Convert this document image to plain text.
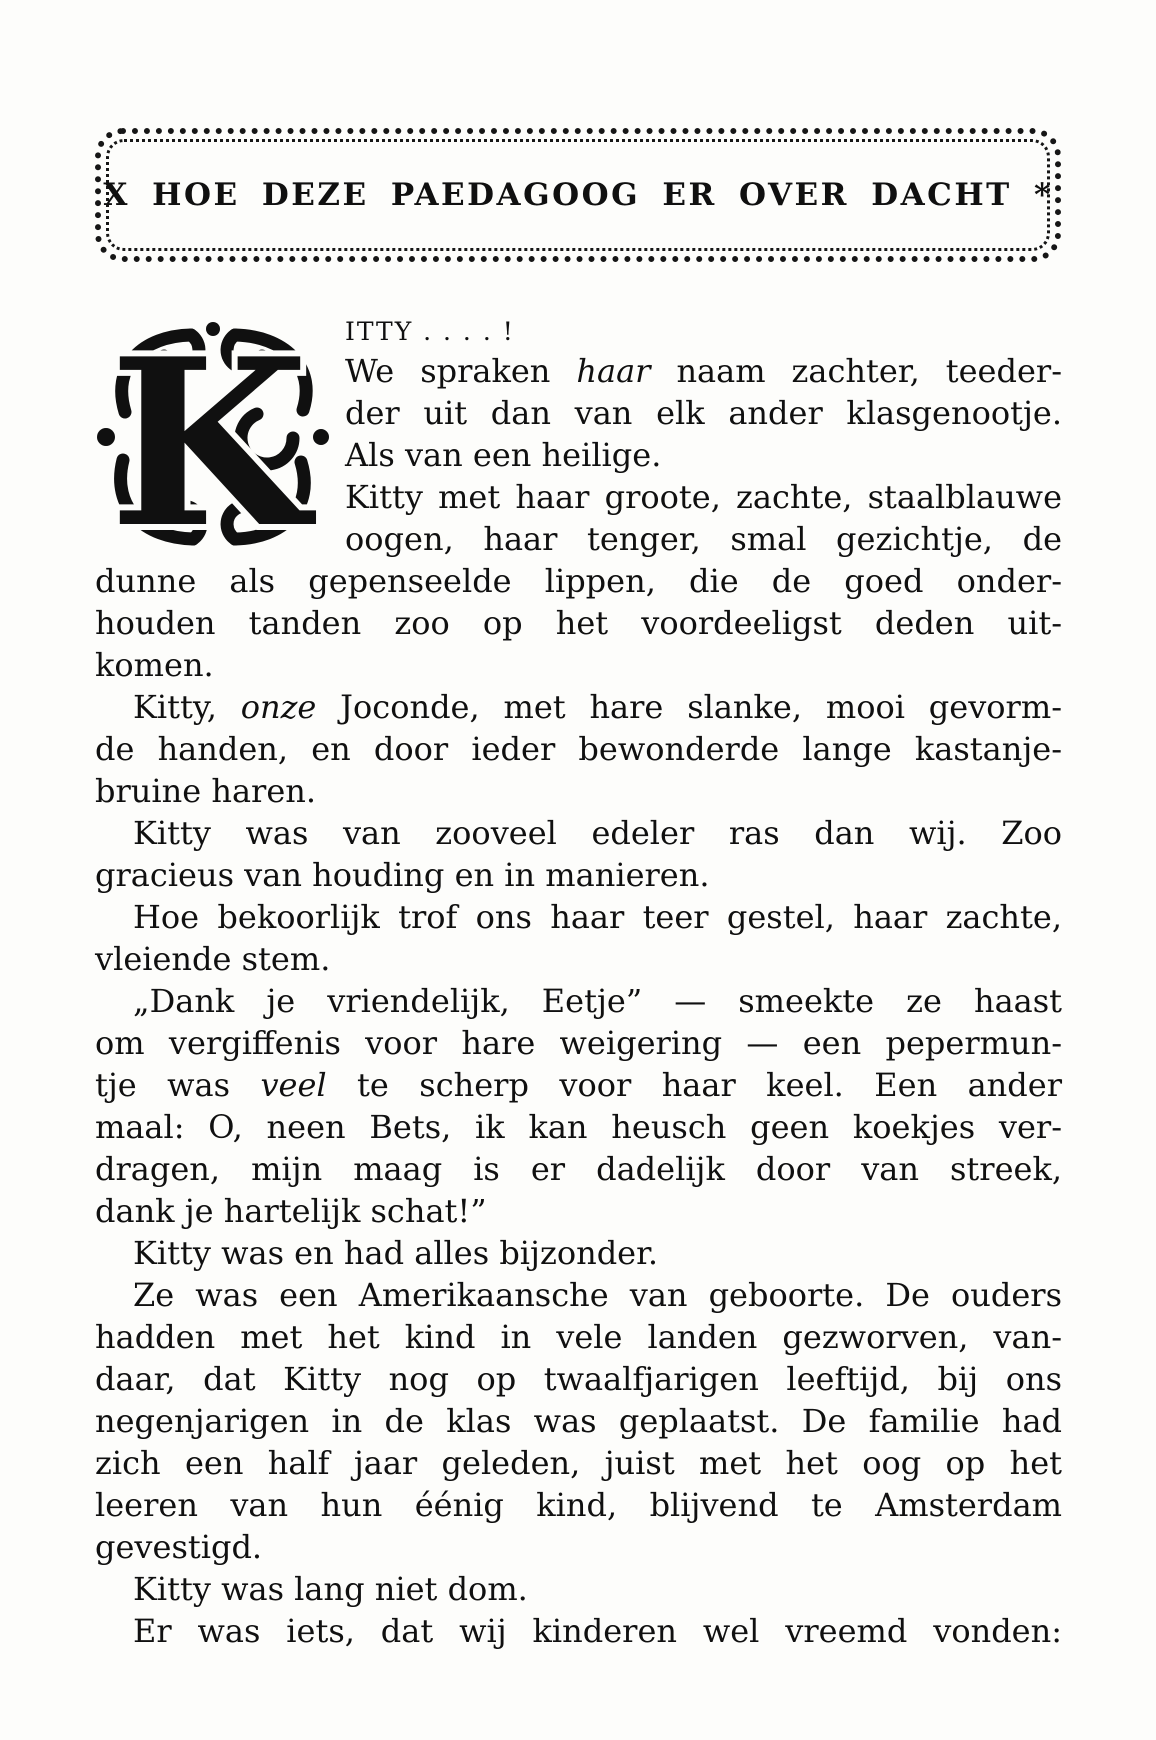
X HOE DEZE PAEDAGOOG ER OVER DACHT *
K	ITTY . . . . !
We spraken haar naam zachter, teeder-
der uit dan van elk ander klasgenootje.
Als van een heilige.
Kitty met haar groote, zachte, staalblauwe
oogen, haar tenger, smal gezichtje, de
dunne als gepenseelde lippen, die de goed onder-
houden tanden zoo op het voordeeligst deden uit-
komen.
Kitty, onze Joconde, met hare slanke, mooi gevorm-
de handen, en door ieder bewonderde lange kastanje-
bruine haren.
Kitty was van zooveel edeler ras dan wij. Zoo
gracieus van houding en in manieren.
Hoe bekoorlijk trof ons haar teer gestel, haar zachte,
vleiende stem.
„Dank je vriendelijk, Eetje” — smeekte ze haast
om vergiffenis voor hare weigering — een pepermun-
tje was veel te scherp voor haar keel. Een ander
maal: O, neen Bets, ik kan heusch geen koekjes ver-
dragen, mijn maag is er dadelijk door van streek,
dank je hartelijk schat!”
Kitty was en had alles bijzonder.
Ze was een Amerikaansche van geboorte. De ouders
hadden met het kind in vele landen gezworven, van-
daar, dat Kitty nog op twaalfjarigen leeftijd, bij ons
negenjarigen in de klas was geplaatst. De familie had
zich een half jaar geleden, juist met het oog op het
leeren van hun éénig kind, blijvend te Amsterdam
gevestigd.
Kitty was lang niet dom.
Er was iets, dat wij kinderen wel vreemd vonden:
